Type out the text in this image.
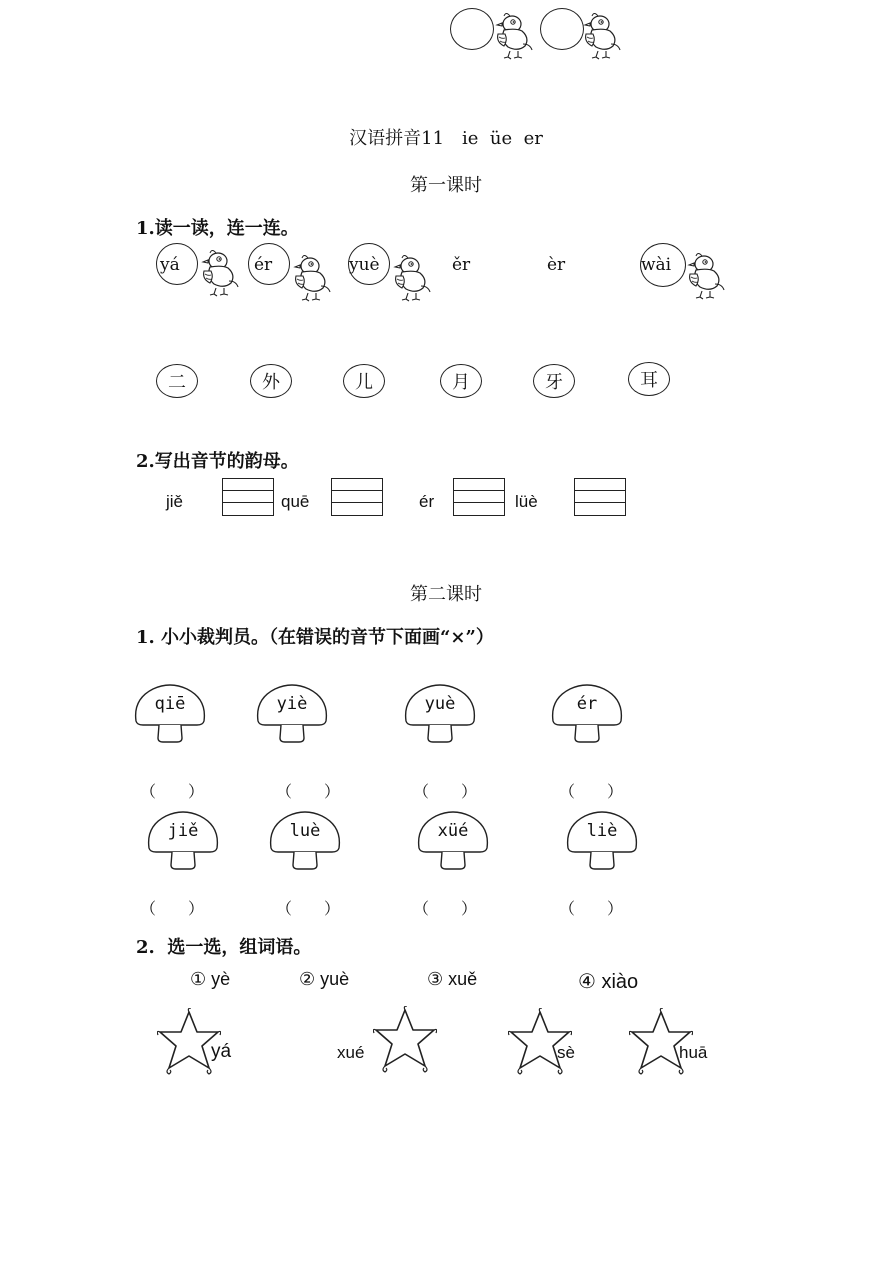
汉语拼音11　ie  üe  er
第一课时
1.读一读，连一连。
yá	ér	yuè	ěr	èr	wài
二	外	儿	月	牙	耳
2.写出音节的韵母。
jiě	quē	ér	lüè
第二课时
1. 小小裁判员。（在错误的音节下面画“×”）
qiē	yiè	yuè	ér
（　　）	（　　）	（　　）	（　　）
jiě	luè	xüé	liè
（　　）	（　　）	（　　）	（　　）
2.  选一选，组词语。
① yè	② yuè	③ xuě	④ xiào
yá	xué	sè	huā
